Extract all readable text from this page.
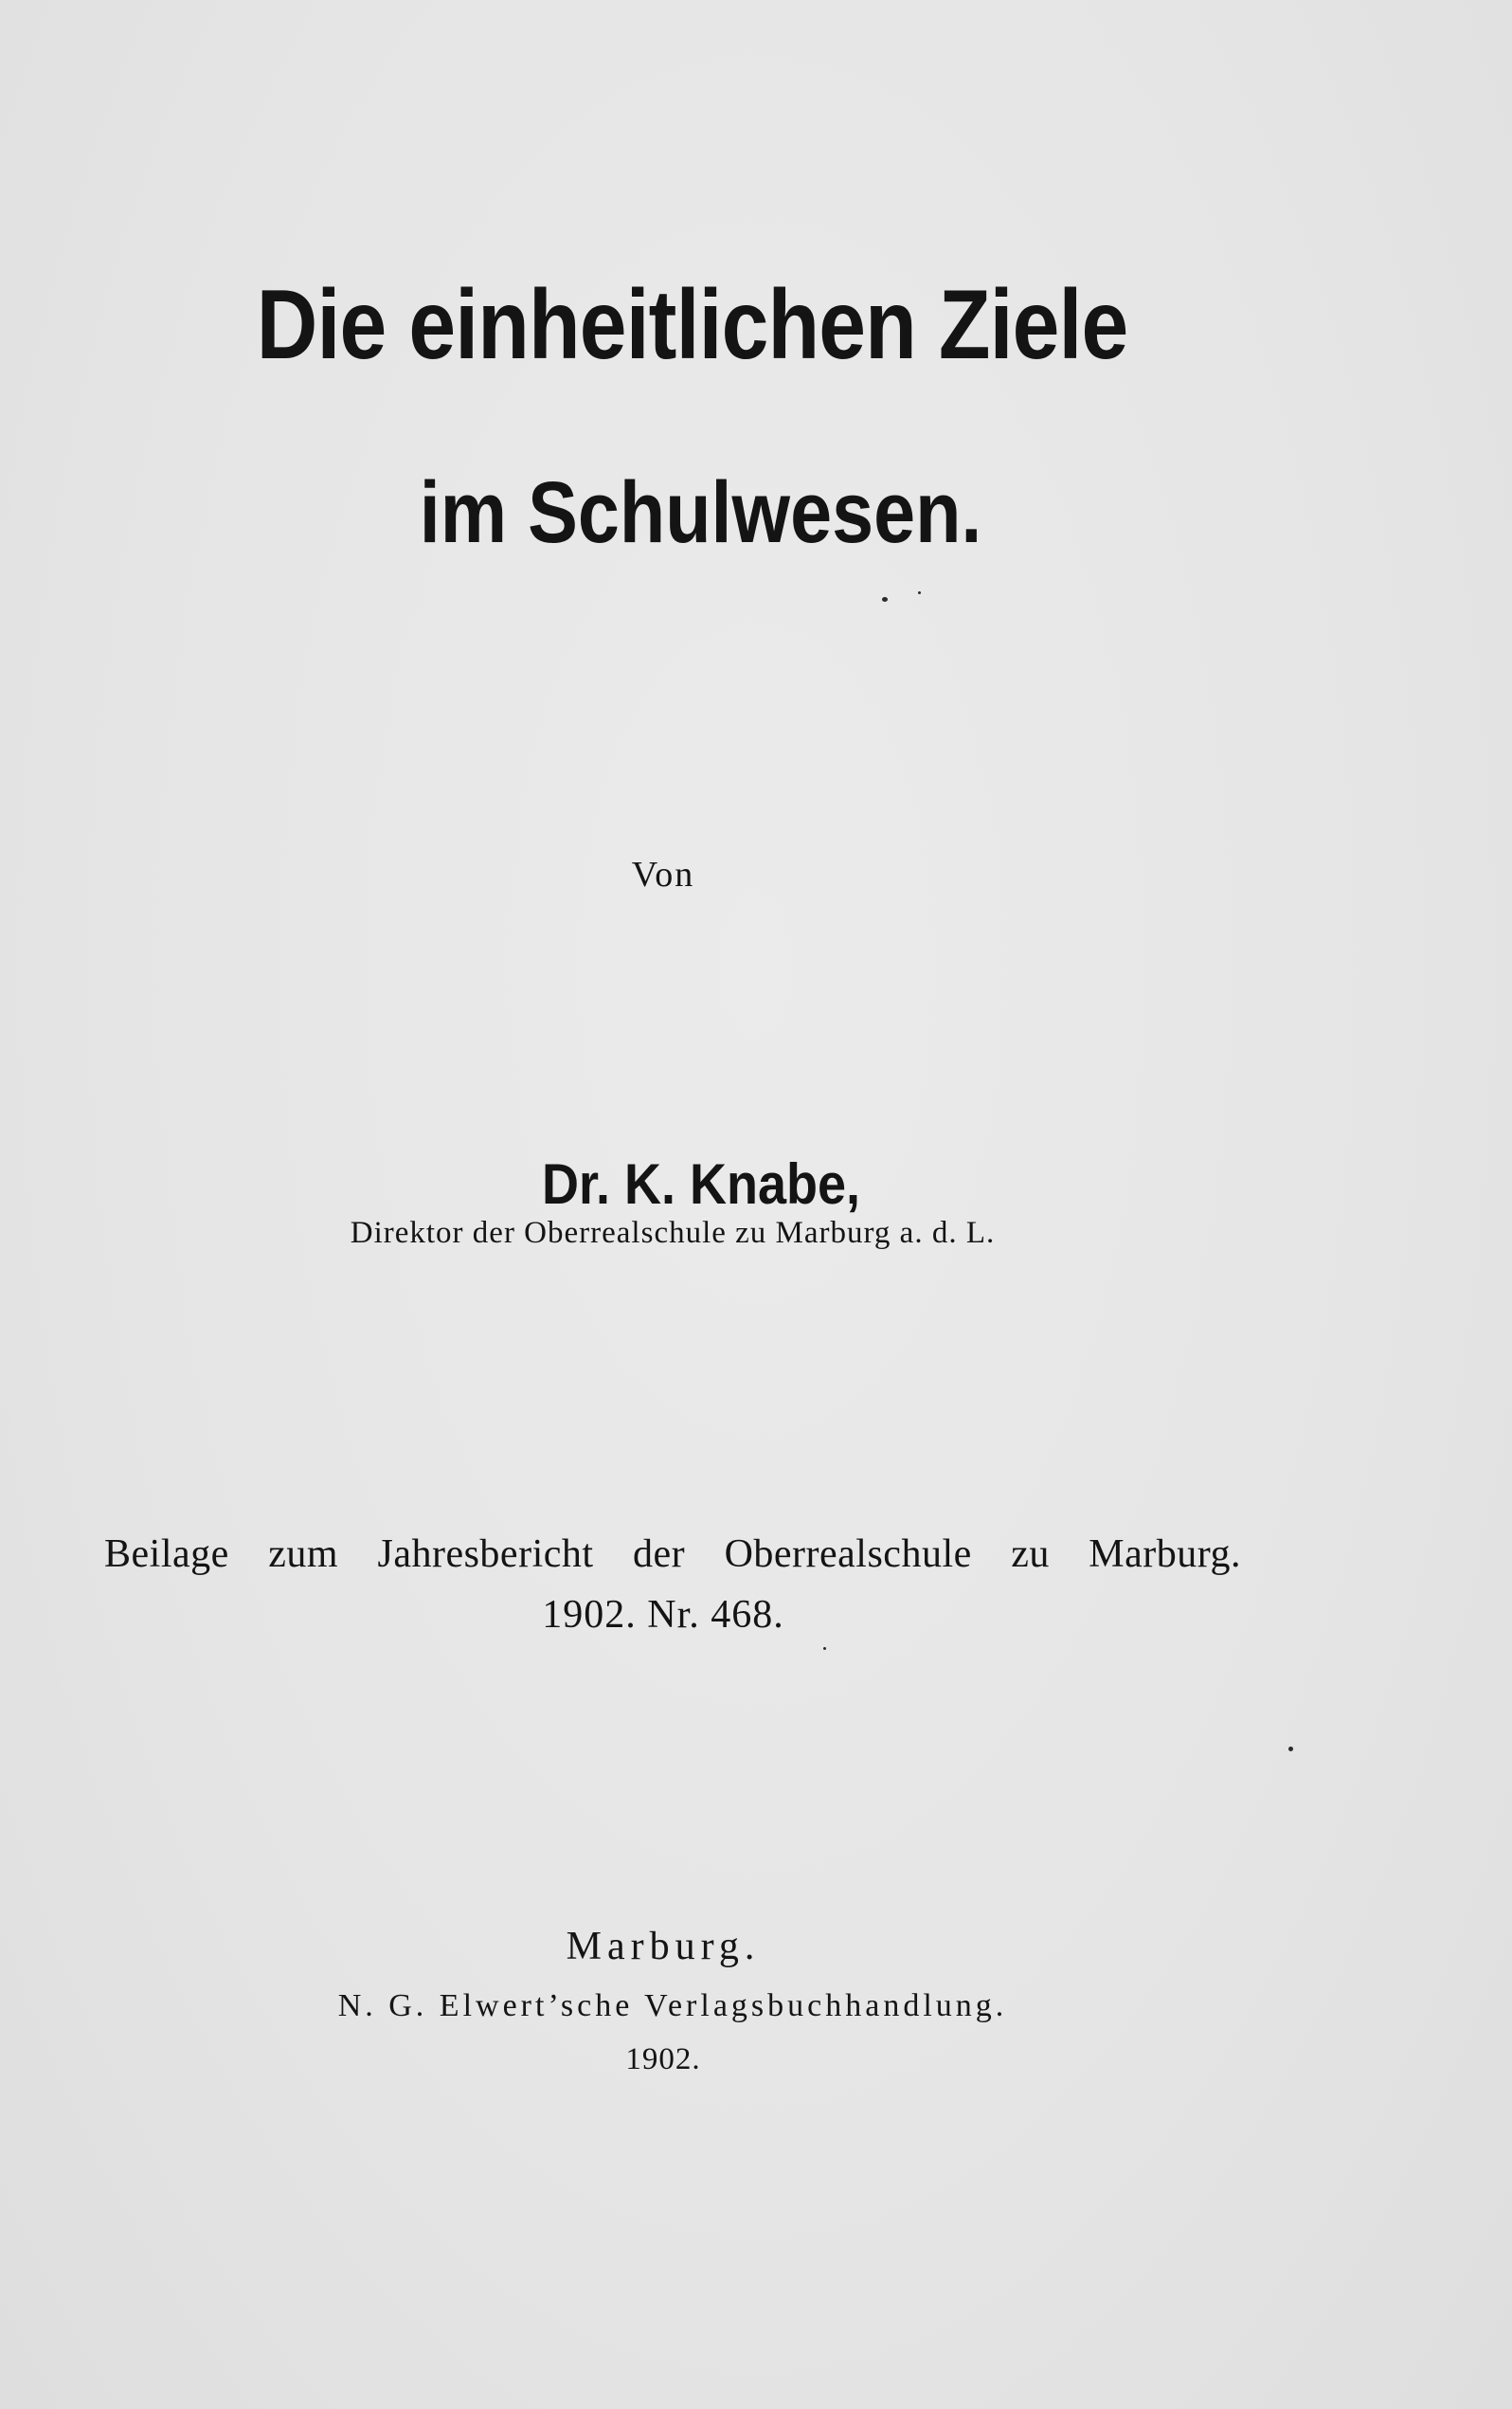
Die einheitlichen Ziele
im Schulwesen.
Von
Dr. K. Knabe,
Direktor der Oberrealschule zu Marburg a. d. L.
Beilage zum Jahresbericht der Oberrealschule zu Marburg.
1902. Nr. 468.
Marburg.
N. G. Elwert’sche Verlagsbuchhandlung.
1902.
